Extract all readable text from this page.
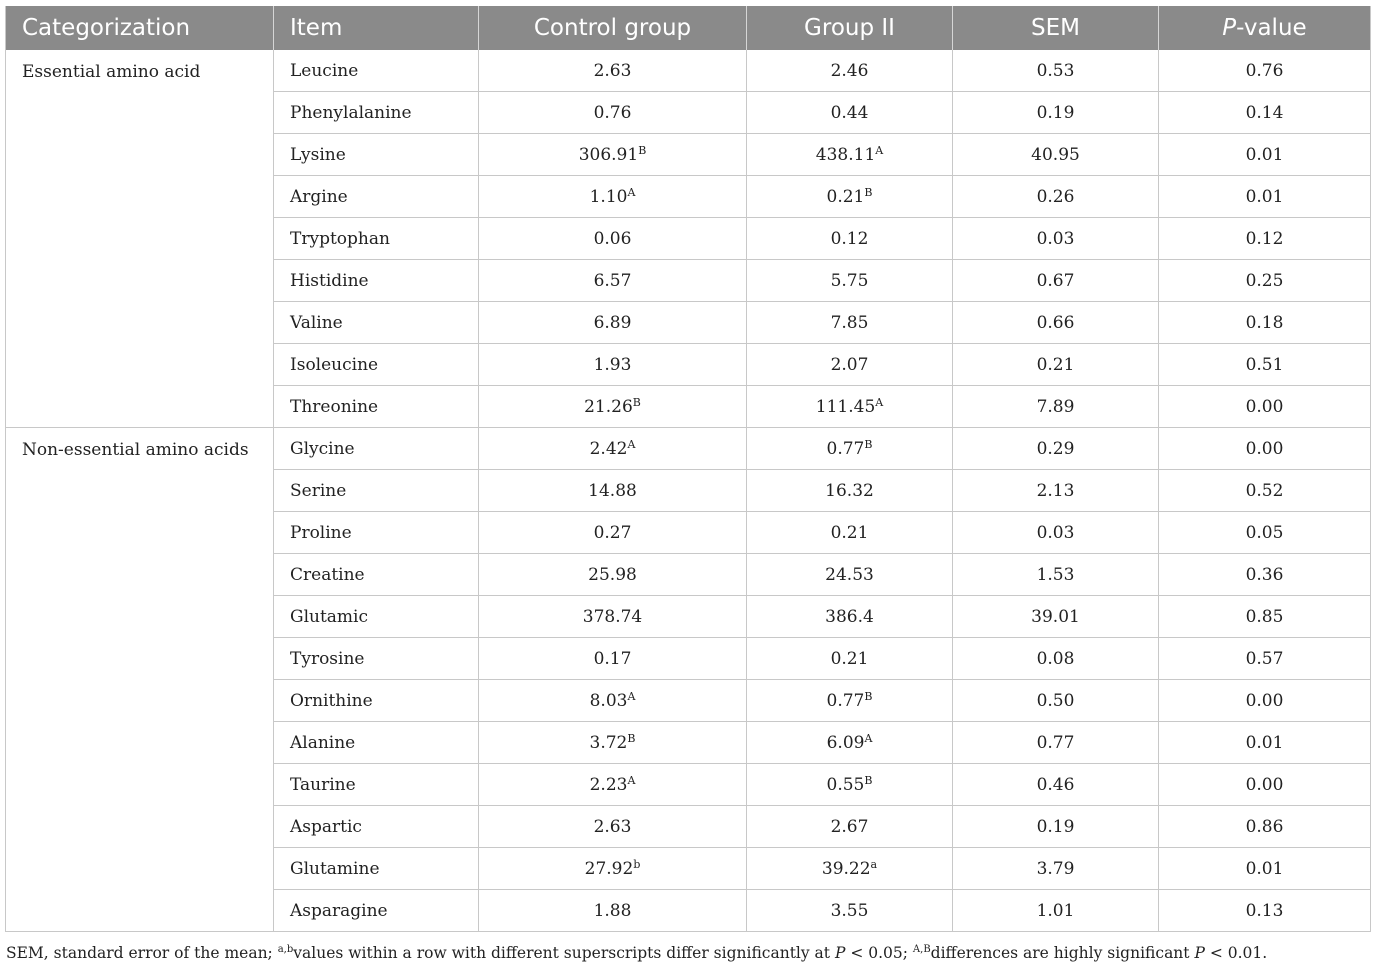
Categorization	Item	Control group	Group II	SEM	P-value
Essential amino acid	Leucine	2.63	2.46	0.53	0.76
	Phenylalanine	0.76	0.44	0.19	0.14
	Lysine	$306.91^B$	$438.11^A$	40.95	0.01
	Argine	$1.10^A$	$0.21^B$	0.26	0.01
	Tryptophan	0.06	0.12	0.03	0.12
	Histidine	6.57	5.75	0.67	0.25
	Valine	6.89	7.85	0.66	0.18
	Isoleucine	1.93	2.07	0.21	0.51
	Threonine	$21.26^B$	$111.45^A$	7.89	0.00
Non-essential amino acids	Glycine	$2.42^A$	$0.77^B$	0.29	0.00
	Serine	14.88	16.32	2.13	0.52
	Proline	0.27	0.21	0.03	0.05
	Creatine	25.98	24.53	1.53	0.36
	Glutamic	378.74	386.4	39.01	0.85
	Tyrosine	0.17	0.21	0.08	0.57
	Ornithine	$8.03^A$	$0.77^B$	0.50	0.00
	Alanine	$3.72^B$	$6.09^A$	0.77	0.01
	Taurine	$2.23^A$	$0.55^B$	0.46	0.00
	Aspartic	2.63	2.67	0.19	0.86
	Glutamine	27.92$^b$	39.22$^a$	3.79	0.01
	Asparagine	1.88	3.55	1.01	0.13
SEM, standard error of the mean; $^{a,b}$values within a row with different superscripts differ significantly at P < 0.05; $^{A,B}$differences are highly significant P < 0.01.
